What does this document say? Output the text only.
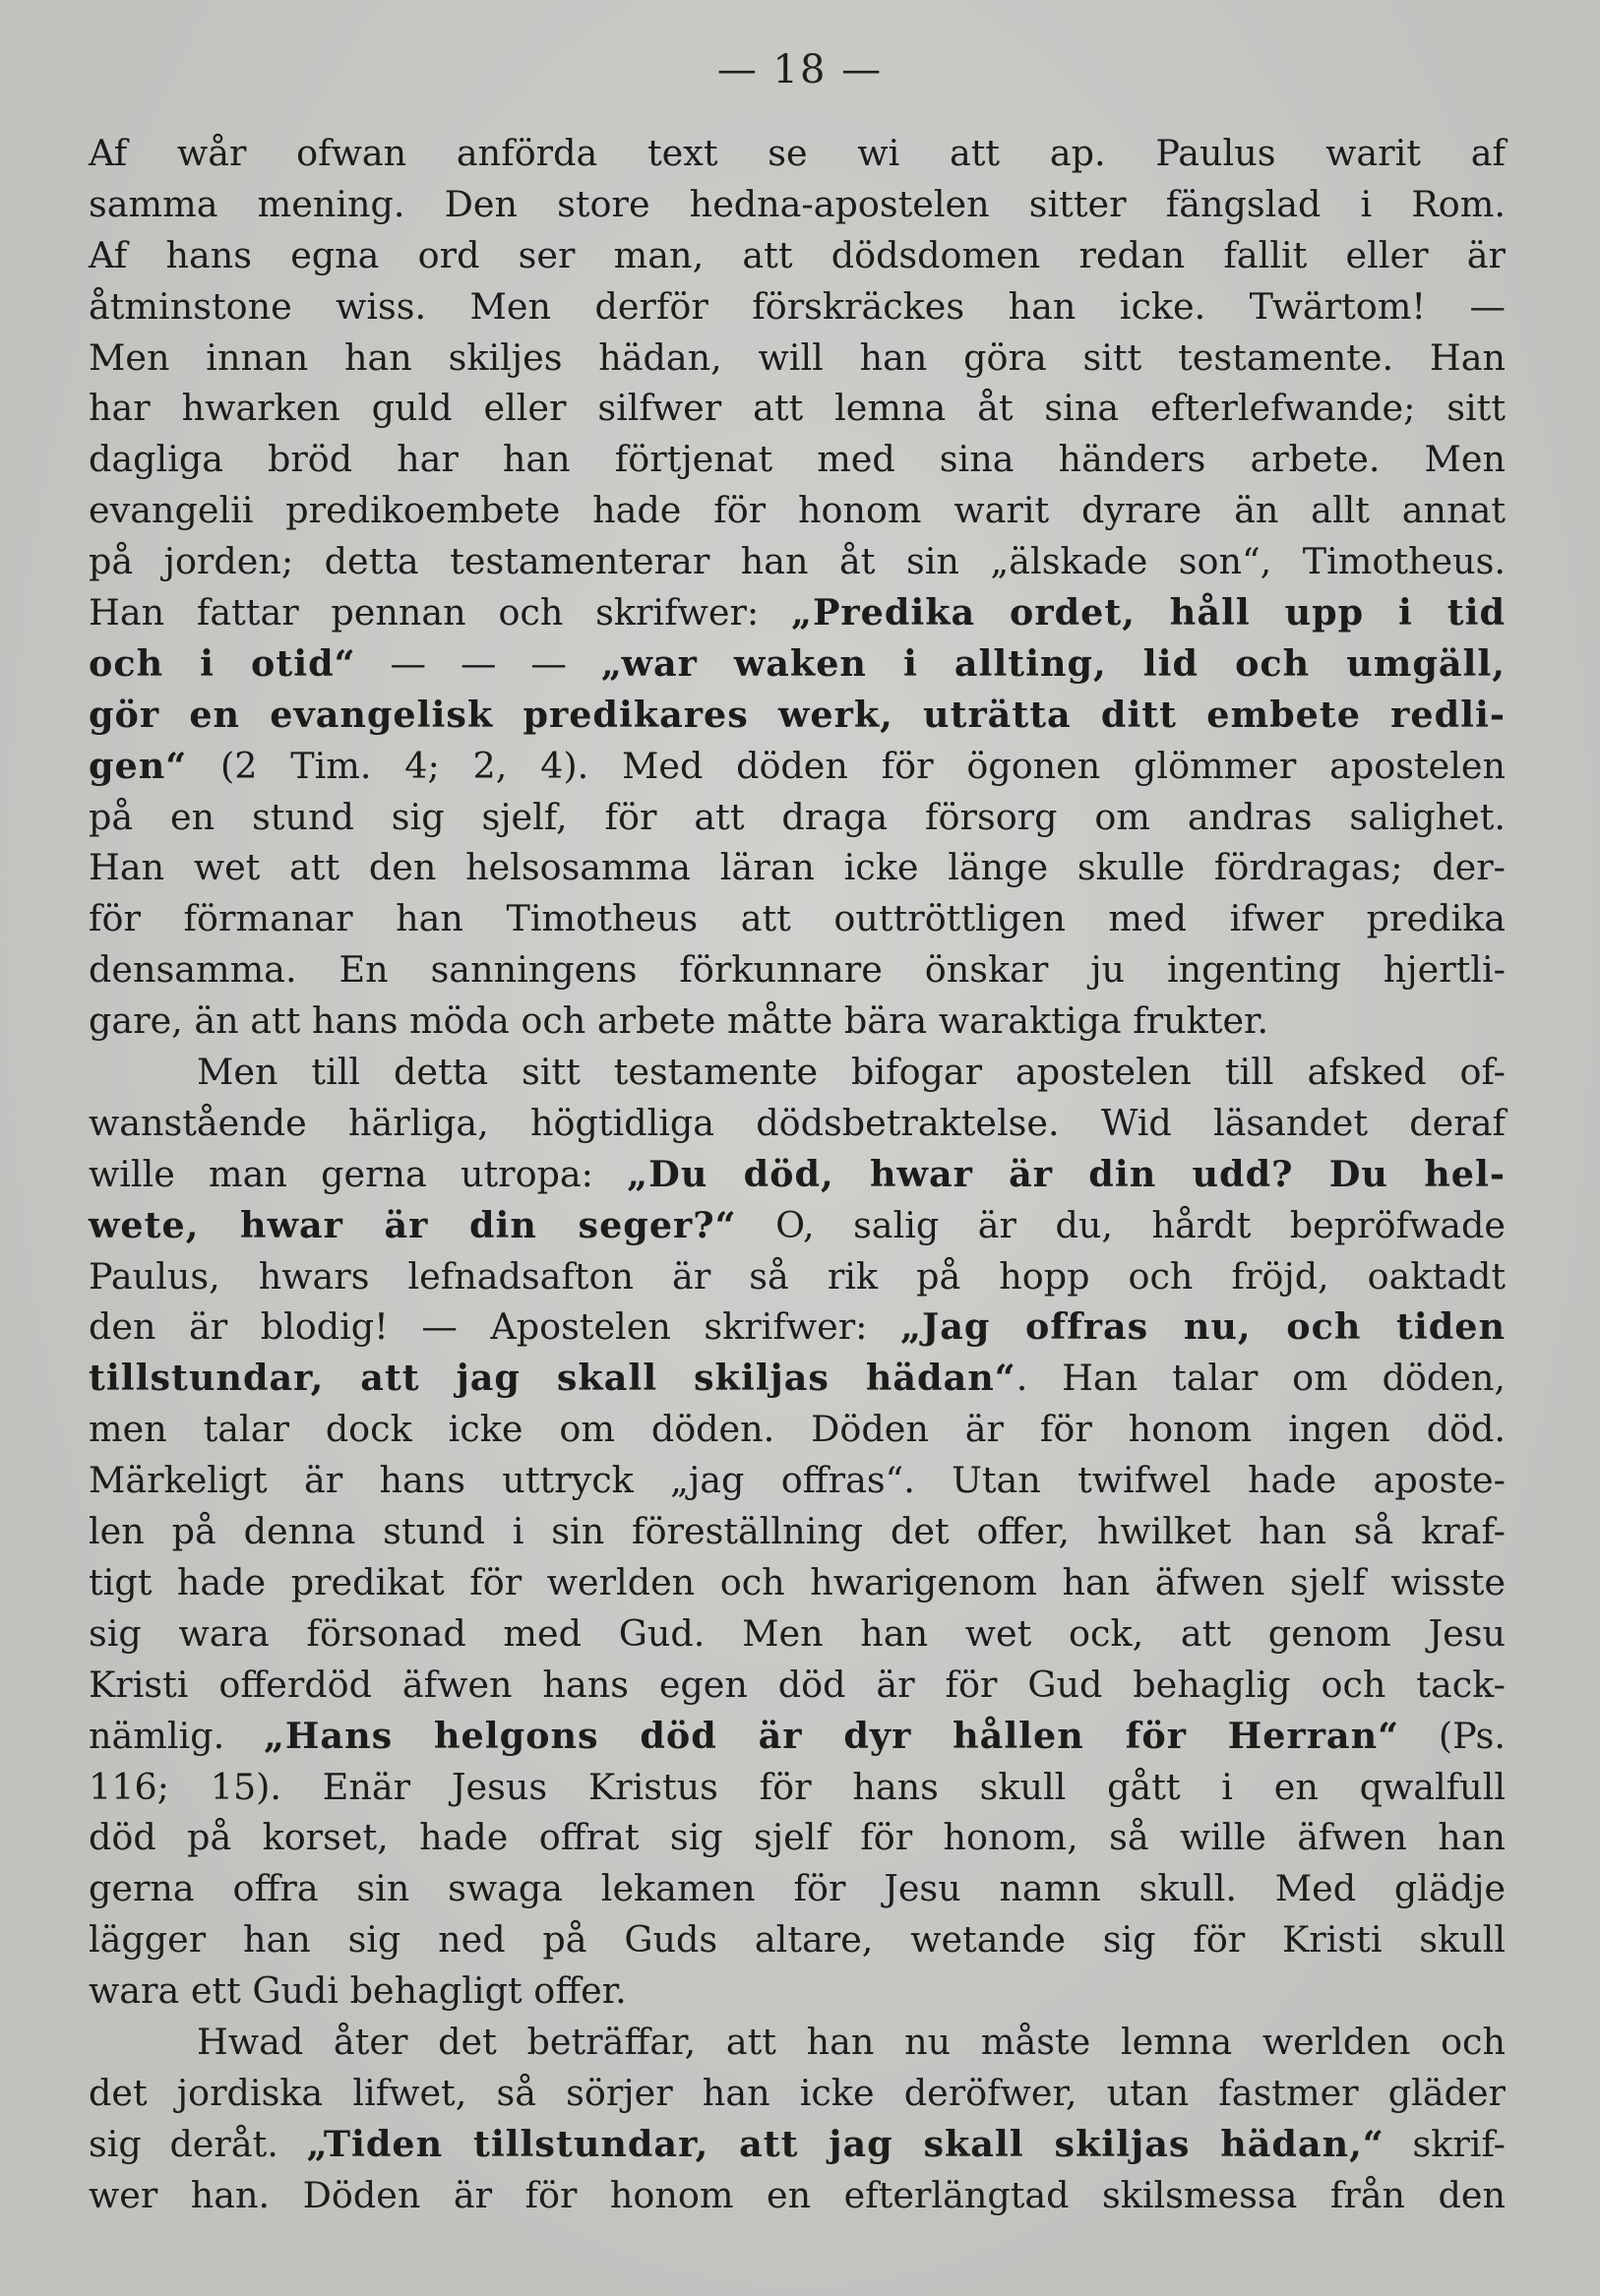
— 18 —
Af wår ofwan anförda text se wi att ap. Paulus warit af
samma mening. Den store hedna-apostelen sitter fängslad i Rom.
Af hans egna ord ser man, att dödsdomen redan fallit eller är
åtminstone wiss. Men derför förskräckes han icke. Twärtom! —
Men innan han skiljes hädan, will han göra sitt testamente. Han
har hwarken guld eller silfwer att lemna åt sina efterlefwande; sitt
dagliga bröd har han förtjenat med sina händers arbete. Men
evangelii predikoembete hade för honom warit dyrare än allt annat
på jorden; detta testamenterar han åt sin „älskade son“, Timotheus.
Han fattar pennan och skrifwer: „Predika ordet, håll upp i tid
och i otid“ — — — „war waken i allting, lid och umgäll,
gör en evangelisk predikares werk, uträtta ditt embete redli-
gen“ (2 Tim. 4; 2, 4). Med döden för ögonen glömmer apostelen
på en stund sig sjelf, för att draga försorg om andras salighet.
Han wet att den helsosamma läran icke länge skulle fördragas; der-
för förmanar han Timotheus att outtröttligen med ifwer predika
densamma. En sanningens förkunnare önskar ju ingenting hjertli-
gare, än att hans möda och arbete måtte bära waraktiga frukter.
Men till detta sitt testamente bifogar apostelen till afsked of-
wanstående härliga, högtidliga dödsbetraktelse. Wid läsandet deraf
wille man gerna utropa: „Du död, hwar är din udd? Du hel-
wete, hwar är din seger?“ O, salig är du, hårdt bepröfwade
Paulus, hwars lefnadsafton är så rik på hopp och fröjd, oaktadt
den är blodig! — Apostelen skrifwer: „Jag offras nu, och tiden
tillstundar, att jag skall skiljas hädan“. Han talar om döden,
men talar dock icke om döden. Döden är för honom ingen död.
Märkeligt är hans uttryck „jag offras“. Utan twifwel hade aposte-
len på denna stund i sin föreställning det offer, hwilket han så kraf-
tigt hade predikat för werlden och hwarigenom han äfwen sjelf wisste
sig wara försonad med Gud. Men han wet ock, att genom Jesu
Kristi offerdöd äfwen hans egen död är för Gud behaglig och tack-
nämlig. „Hans helgons död är dyr hållen för Herran“ (Ps.
116; 15). Enär Jesus Kristus för hans skull gått i en qwalfull
död på korset, hade offrat sig sjelf för honom, så wille äfwen han
gerna offra sin swaga lekamen för Jesu namn skull. Med glädje
lägger han sig ned på Guds altare, wetande sig för Kristi skull
wara ett Gudi behagligt offer.
Hwad åter det beträffar, att han nu måste lemna werlden och
det jordiska lifwet, så sörjer han icke deröfwer, utan fastmer gläder
sig deråt. „Tiden tillstundar, att jag skall skiljas hädan,“ skrif-
wer han. Döden är för honom en efterlängtad skilsmessa från den
